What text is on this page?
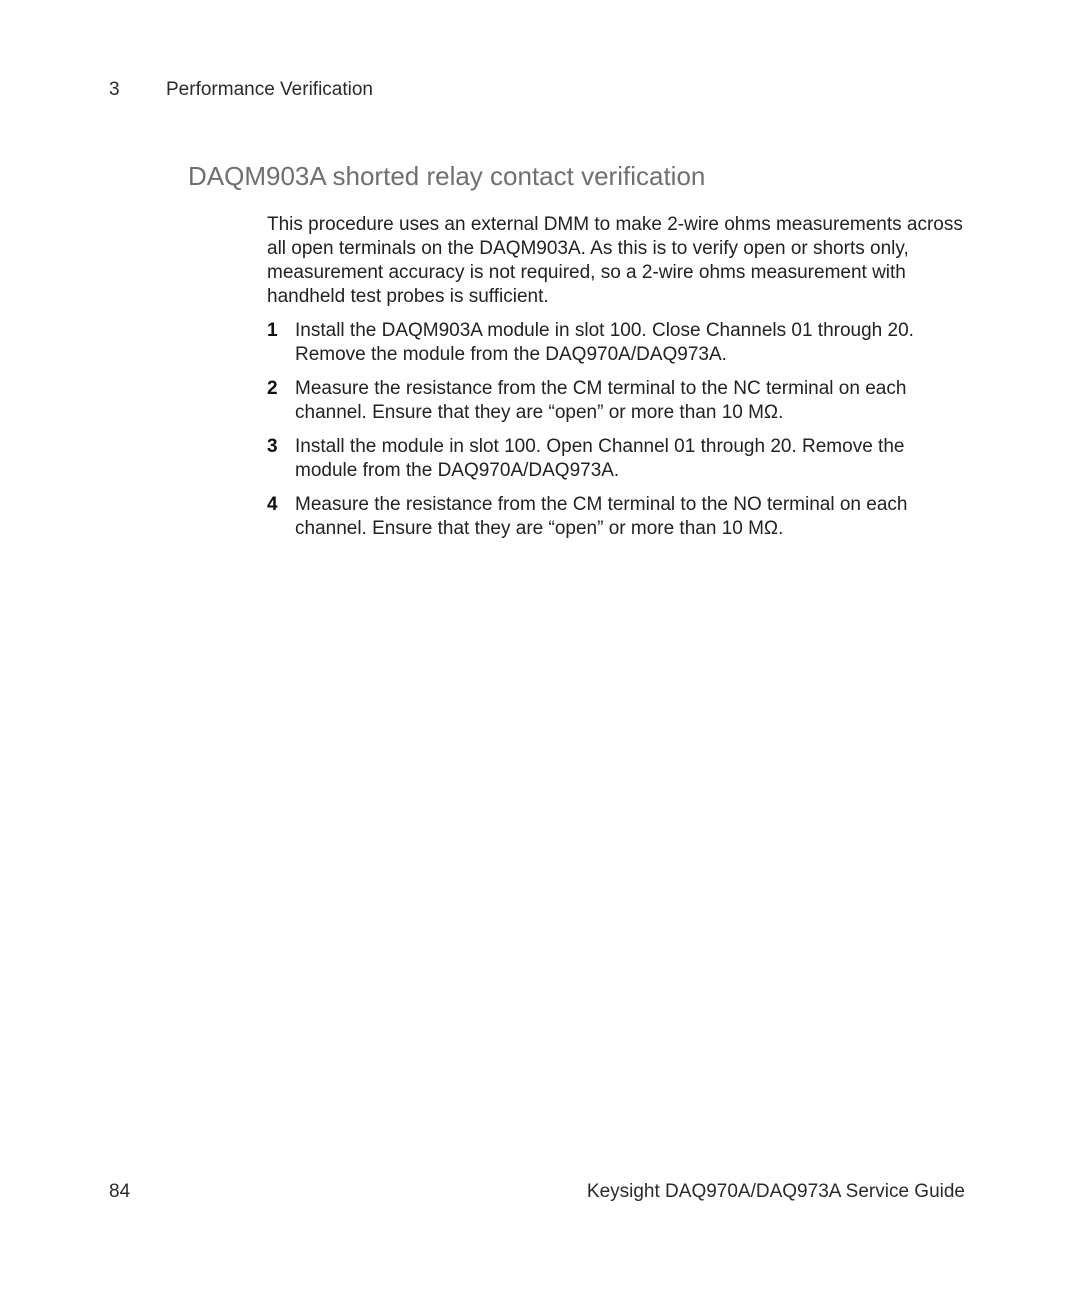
3 Performance Verification
DAQM903A shorted relay contact verification

This procedure uses an external DMM to make 2-wire ohms measurements across all open terminals on the DAQM903A. As this is to verify open or shorts only, measurement accuracy is not required, so a 2-wire ohms measurement with handheld test probes is sufficient.

1 Install the DAQM903A module in slot 100. Close Channels 01 through 20. Remove the module from the DAQ970A/DAQ973A.
2 Measure the resistance from the CM terminal to the NC terminal on each channel. Ensure that they are “open” or more than 10 MΩ.
3 Install the module in slot 100. Open Channel 01 through 20. Remove the module from the DAQ970A/DAQ973A.
4 Measure the resistance from the CM terminal to the NO terminal on each channel. Ensure that they are “open” or more than 10 MΩ.
84	Keysight DAQ970A/DAQ973A Service Guide
